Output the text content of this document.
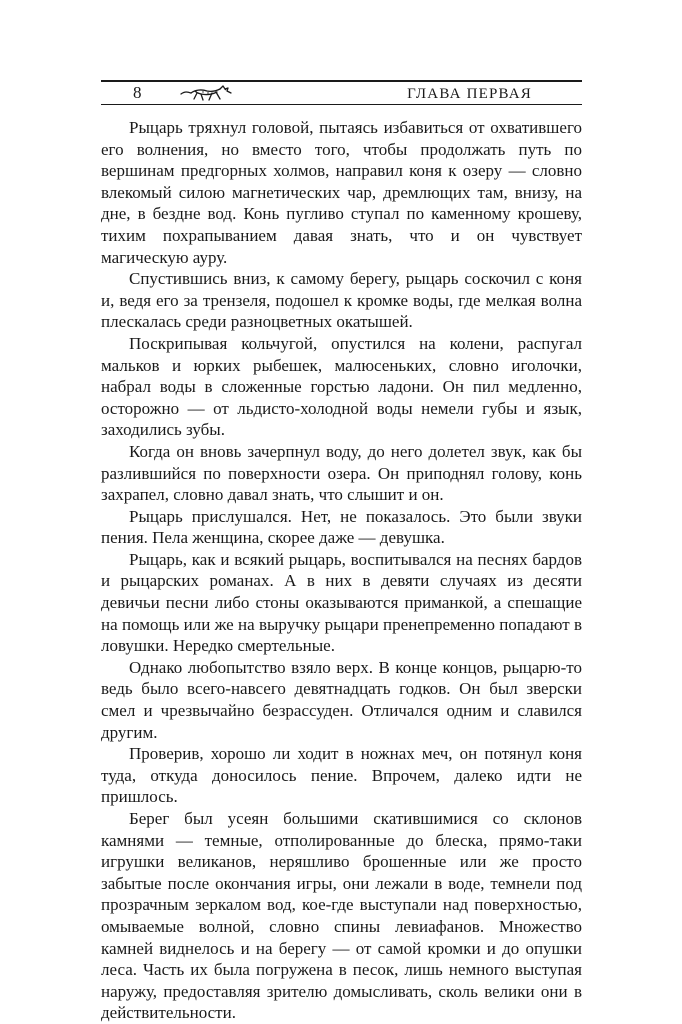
8	ГЛАВА ПЕРВАЯ

Рыцарь тряхнул головой, пытаясь избавиться от охватившего его волнения, но вместо того, чтобы продолжать путь по вершинам предгорных холмов, направил коня к озеру — словно влекомый силою магнетических чар, дремлющих там, внизу, на дне, в бездне вод. Конь пугливо ступал по каменному крошеву, тихим похрапыванием давая знать, что и он чувствует магическую ауру.

Спустившись вниз, к самому берегу, рыцарь соскочил с коня и, ведя его за трензеля, подошел к кромке воды, где мелкая волна плескалась среди разноцветных окатышей.

Поскрипывая кольчугой, опустился на колени, распугал мальков и юрких рыбешек, малюсеньких, словно иголочки, набрал воды в сложенные горстью ладони. Он пил медленно, осторожно — от льдисто-холодной воды немели губы и язык, заходились зубы.

Когда он вновь зачерпнул воду, до него долетел звук, как бы разлившийся по поверхности озера. Он приподнял голову, конь захрапел, словно давал знать, что слышит и он.

Рыцарь прислушался. Нет, не показалось. Это были звуки пения. Пела женщина, скорее даже — девушка.

Рыцарь, как и всякий рыцарь, воспитывался на песнях бардов и рыцарских романах. А в них в девяти случаях из десяти девичьи песни либо стоны оказываются приманкой, а спешащие на помощь или же на выручку рыцари пренепременно попадают в ловушки. Нередко смертельные.

Однако любопытство взяло верх. В конце концов, рыцарю-то ведь было всего-навсего девятнадцать годков. Он был зверски смел и чрезвычайно безрассуден. Отличался одним и славился другим.

Проверив, хорошо ли ходит в ножнах меч, он потянул коня туда, откуда доносилось пение. Впрочем, далеко идти не пришлось.

Берег был усеян большими скатившимися со склонов камнями — темные, отполированные до блеска, прямо-таки игрушки великанов, неряшливо брошенные или же просто забытые после окончания игры, они лежали в воде, темнели под прозрачным зеркалом вод, кое-где выступали над поверхностью, омываемые волной, словно спины левиафанов. Множество камней виднелось и на берегу — от самой кромки и до опушки леса. Часть их была погружена в песок, лишь немного выступая наружу, предоставляя зрителю домысливать, сколь велики они в действительности.
